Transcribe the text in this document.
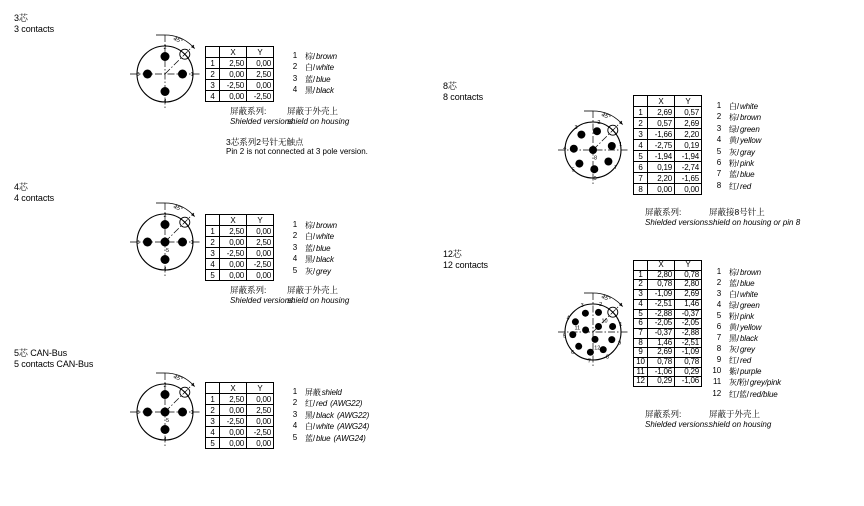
3芯
3 contacts
45°
1
2
3
4
	X	Y
1	2,50	0,00
2	0,00	2,50
3	-2,50	0,00
4	0,00	-2,50
1 棕/brown
2 白/white
3 蓝/blue
4 黑/black
屏蔽系列:
Shielded versions:
屏蔽于外壳上
shield on housing
3芯系列2号针无触点
Pin 2 is not connected at 3 pole version.
4芯
4 contacts
45°
1
2
3
4
5
	X	Y
1	2,50	0,00
2	0,00	2,50
3	-2,50	0,00
4	0,00	-2,50
5	0,00	0,00
1 棕/brown
2 白/white
3 蓝/blue
4 黑/black
5 灰/grey
屏蔽系列:
Shielded versions:
屏蔽于外壳上
shield on housing
5芯 CAN-Bus
5 contacts CAN-Bus
45°
1
2
3
4
5
	X	Y
1	2,50	0,00
2	0,00	2,50
3	-2,50	0,00
4	0,00	-2,50
5	0,00	0,00
1 屏蔽shield
2 红/red (AWG22)
3 黑/black (AWG22)
4 白/white (AWG24)
5 蓝/blue (AWG24)
8芯
8 contacts
45°
1
2
3
4
5
6
7
8
	X	Y
1	2,69	0,57
2	0,57	2,69
3	-1,66	2,20
4	-2,75	0,19
5	-1,94	-1,94
6	0,19	-2,74
7	2,20	-1,65
8	0,00	0,00
1 白/white
2 棕/brown
3 绿/green
4 黄/yellow
5 灰/gray
6 粉/pink
7 蓝/blue
8 红/red
屏蔽系列:
Shielded versions:
屏蔽接8号针上
shield on housing or pin 8
12芯
12 contacts
45°
1
2
3
4
5
6
7
8
9
10
11
12
	X	Y
1	2,80	0,78
2	0,78	2,80
3	-1,09	2,69
4	-2,51	1,46
5	-2,88	-0,37
6	-2,05	-2,05
7	-0,37	-2,88
8	1,46	-2,51
9	2,69	-1,09
10	0,78	0,78
11	-1,06	0,29
12	0,29	-1,06
1 棕/brown
2 蓝/blue
3 白/white
4 绿/green
5 粉/pink
6 黄/yellow
7 黑/black
8 灰/grey
9 红/red
10 紫/purple
11 灰/粉/grey/pink
12 红/蓝/red/blue
屏蔽系列:
Shielded versions:
屏蔽于外壳上
shield on housing
